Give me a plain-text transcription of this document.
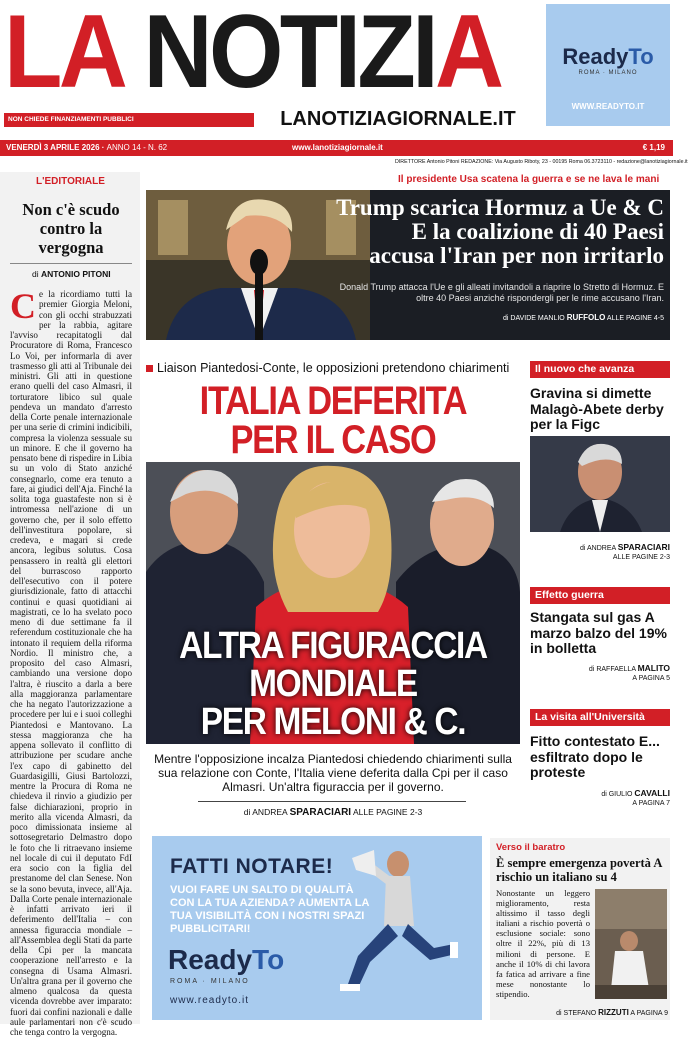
LA NOTIZIA
NON CHIEDE FINANZIAMENTI PUBBLICI	LANOTIZIAGIORNALE.IT
ReadyTo
ROMA · MILANO
WWW.READYTO.IT
VENERDÌ 3 APRILE 2026 · ANNO 14 - N. 62	www.lanotiziagiornale.it	€ 1,19
DIRETTORE Antonio Pitoni REDAZIONE: Via Augusto Riboty, 23 - 00195 Roma 06.3723110 - redazione@lanotiziagiornale.it
L'EDITORIALE
Non c'è scudo contro la vergogna
di ANTONIO PITONI
Ce la ricordiamo tutti la premier Giorgia Meloni, con gli occhi strabuzzati per la rabbia, agitare l'avviso recapitatogli dal Procuratore di Roma, Francesco Lo Voi, per informarla di aver trasmesso gli atti al Tribunale dei ministri. Gli atti in questione erano quelli del caso Almasri, il torturatore libico sul quale pendeva un mandato d'arresto della Corte penale internazionale per una serie di crimini indicibili, compresa la violenza sessuale su un minore. E che il governo ha pensato bene di rispedire in Libia su un volo di Stato anziché consegnarlo, come era tenuto a fare, ai giudici dell'Aja. Finché la solita toga guastafeste non si è intromessa nell'azione di un governo che, per il solo effetto dell'investitura popolare, si credeva, e magari si crede ancora, legibus solutus. Cosa pensassero in realtà gli elettori del burrascoso rapporto dell'esecutivo con il potere giurisdizionale, fatto di attacchi continui e quasi quotidiani ai magistrati, ce lo ha svelato poco meno di due settimane fa il referendum costituzionale che ha intonato il requiem della riforma Nordio. Il ministro che, a proposito del caso Almasri, cambiando una versione dopo l'altra, è riuscito a darla a bere alla maggioranza parlamentare che ha negato l'autorizzazione a procedere per lui e i suoi colleghi Piantedosi e Mantovano. La stessa maggioranza che ha appena sollevato il conflitto di attribuzione per scudare anche l'ex capo di gabinetto del Guardasigilli, Giusi Bartolozzi, mentre la Procura di Roma ne chiedeva il rinvio a giudizio per false dichiarazioni, proprio in merito alla vicenda Almasri, da poco dimissionata insieme al sottosegretario Delmastro dopo le foto che li ritraevano insieme nel locale di cui il deputato FdI era socio con la figlia del prestanome del clan Senese. Non se la sono bevuta, invece, all'Aja. Dalla Corte penale internazionale è infatti arrivato ieri il deferimento dell'Italia – con annessa figuraccia mondiale – all'Assemblea degli Stati da parte della Cpi per la mancata cooperazione nell'arresto e la consegna di Usama Almasri. Un'altra grana per il governo che almeno qualcosa da questa vicenda dovrebbe aver imparato: fuori dai confini nazionali e dalle aule parlamentari non c'è scudo che tenga contro la vergogna.
Il presidente Usa scatena la guerra e se ne lava le mani
Trump scarica Hormuz a Ue & C
E la coalizione di 40 Paesi
accusa l'Iran per non irritarlo
Donald Trump attacca l'Ue e gli alleati invitandoli a riaprire lo Stretto di Hormuz. E oltre 40 Paesi anziché rispondergli per le rime accusano l'Iran.
di DAVIDE MANLIO RUFFOLO ALLE PAGINE 4-5
Liaison Piantedosi-Conte, le opposizioni pretendono chiarimenti
ITALIA DEFERITA
PER IL CASO
ALTRA FIGURACCIA
MONDIALE
PER MELONI & C.
Mentre l'opposizione incalza Piantedosi chiedendo chiarimenti sulla sua relazione con Conte, l'Italia viene deferita dalla Cpi per il caso Almasri. Un'altra figuraccia per il governo.
di ANDREA SPARACIARI ALLE PAGINE 2-3
Il nuovo che avanza
Gravina si dimette Malagò-Abete derby per la Figc
di ANDREA SPARACIARI
ALLE PAGINE 2-3
Effetto guerra
Stangata sul gas A marzo balzo del 19% in bolletta
di RAFFAELLA MALITO
A PAGINA 5
La visita all'Università
Fitto contestato E... esfiltrato dopo le proteste
di GIULIO CAVALLI
A PAGINA 7
FATTI NOTARE!
VUOI FARE UN SALTO DI QUALITÀ CON LA TUA AZIENDA? AUMENTA LA TUA VISIBILITÀ CON I NOSTRI SPAZI PUBBLICITARI!
ReadyTo
ROMA · MILANO
www.readyto.it
Verso il baratro
È sempre emergenza povertà A rischio un italiano su 4
Nonostante un leggero miglioramento, resta altissimo il tasso degli italiani a rischio povertà o esclusione sociale: sono oltre il 22%, più di 13 milioni di persone. E anche il 10% di chi lavora fa fatica ad arrivare a fine mese nonostante lo stipendio.
di STEFANO RIZZUTI A PAGINA 9
